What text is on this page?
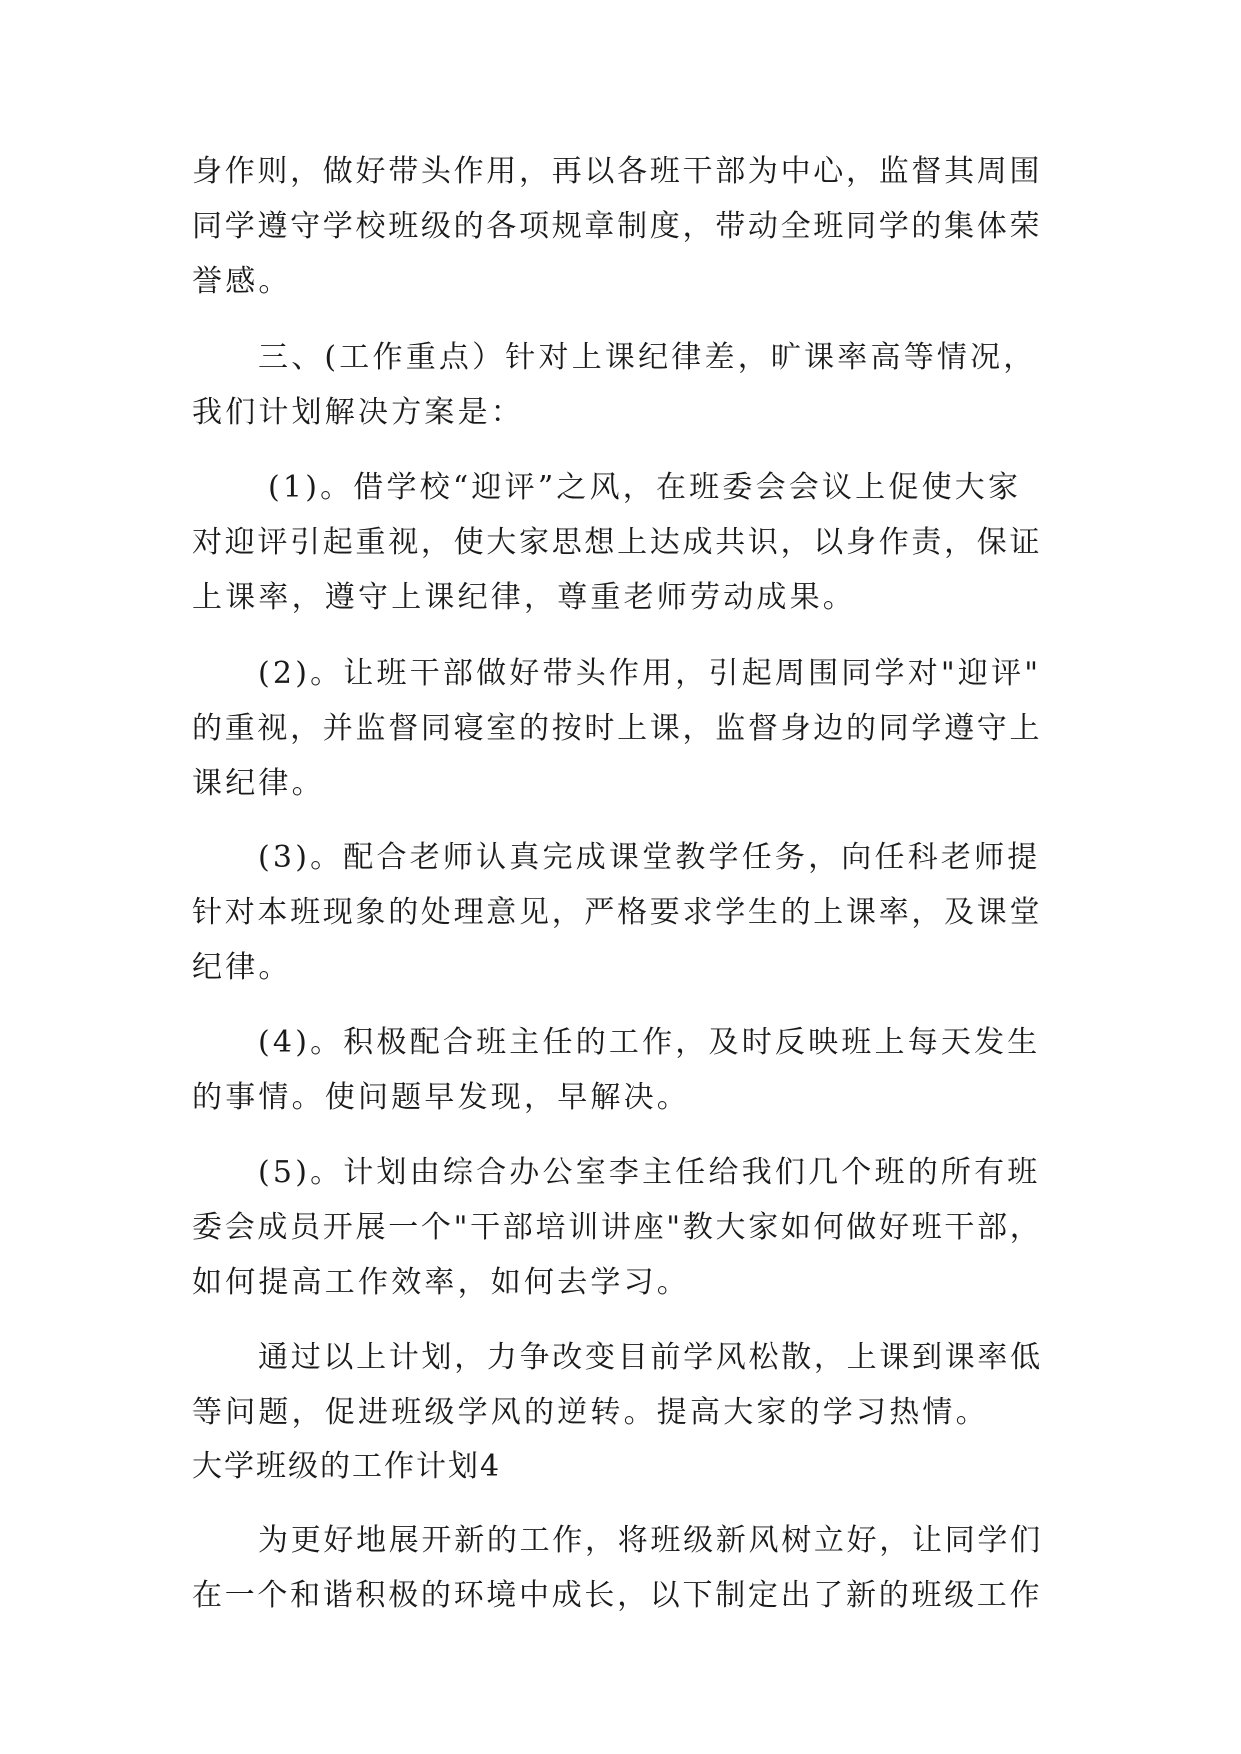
身作则，做好带头作用，再以各班干部为中心，监督其周围
同学遵守学校班级的各项规章制度，带动全班同学的集体荣
誉感。
三、(工作重点）针对上课纪律差，旷课率高等情况，
我们计划解决方案是：
(1)。借学校“迎评”之风，在班委会会议上促使大家
对迎评引起重视，使大家思想上达成共识，以身作责，保证
上课率，遵守上课纪律，尊重老师劳动成果。
(2)。让班干部做好带头作用，引起周围同学对"迎评"
的重视，并监督同寝室的按时上课，监督身边的同学遵守上
课纪律。
(3)。配合老师认真完成课堂教学任务，向任科老师提
针对本班现象的处理意见，严格要求学生的上课率，及课堂
纪律。
(4)。积极配合班主任的工作，及时反映班上每天发生
的事情。使问题早发现，早解决。
(5)。计划由综合办公室李主任给我们几个班的所有班
委会成员开展一个"干部培训讲座"教大家如何做好班干部，
如何提高工作效率，如何去学习。
通过以上计划，力争改变目前学风松散，上课到课率低
等问题，促进班级学风的逆转。提高大家的学习热情。
大学班级的工作计划4
为更好地展开新的工作，将班级新风树立好，让同学们
在一个和谐积极的环境中成长，以下制定出了新的班级工作
